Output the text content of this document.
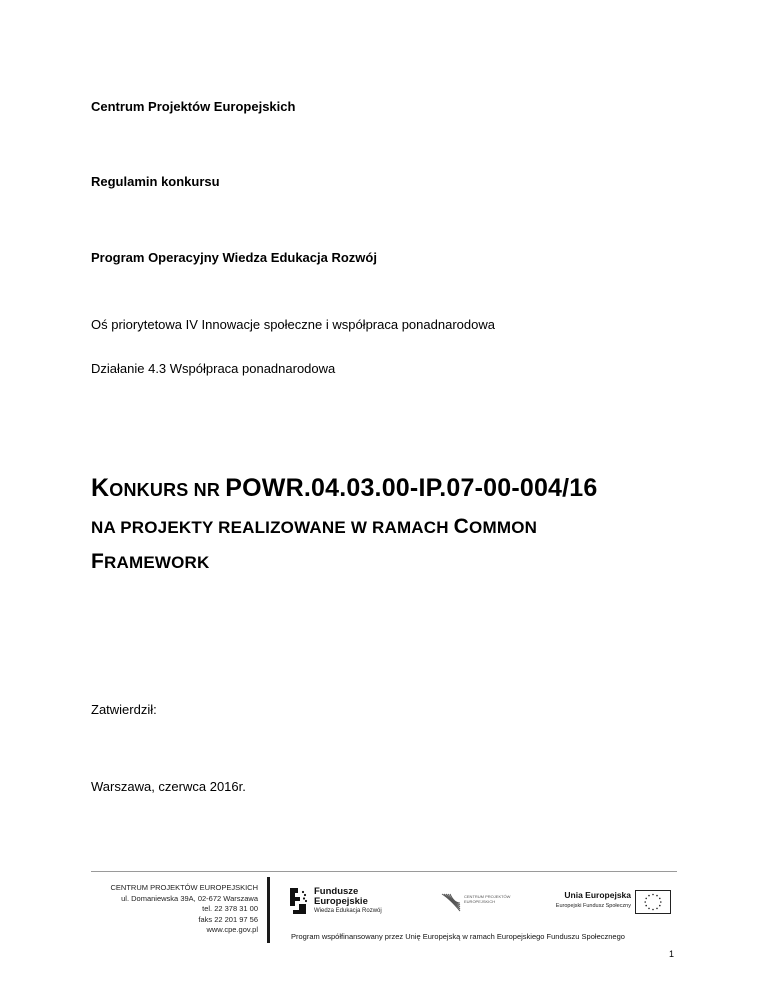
Centrum Projektów Europejskich

Regulamin konkursu

Program Operacyjny Wiedza Edukacja Rozwój

Oś priorytetowa IV Innowacje społeczne i współpraca ponadnarodowa

Działanie 4.3 Współpraca ponadnarodowa

KONKURS NR POWR.04.03.00-IP.07-00-004/16
NA PROJEKTY REALIZOWANE W RAMACH COMMON
FRAMEWORK

Zatwierdził:

Warszawa, czerwca 2016r.

CENTRUM PROJEKTÓW EUROPEJSKICH
ul. Domaniewska 39A, 02-672 Warszawa
tel. 22 378 31 00
faks 22 201 97 56
www.cpe.gov.pl
Fundusze
Europejskie
Wiedza Edukacja Rozwój
CENTRUM PROJEKTÓW
EUROPEJSKICH
Unia Europejska
Europejski Fundusz Społeczny
Program współfinansowany przez Unię Europejską w ramach Europejskiego Funduszu Społecznego
1
